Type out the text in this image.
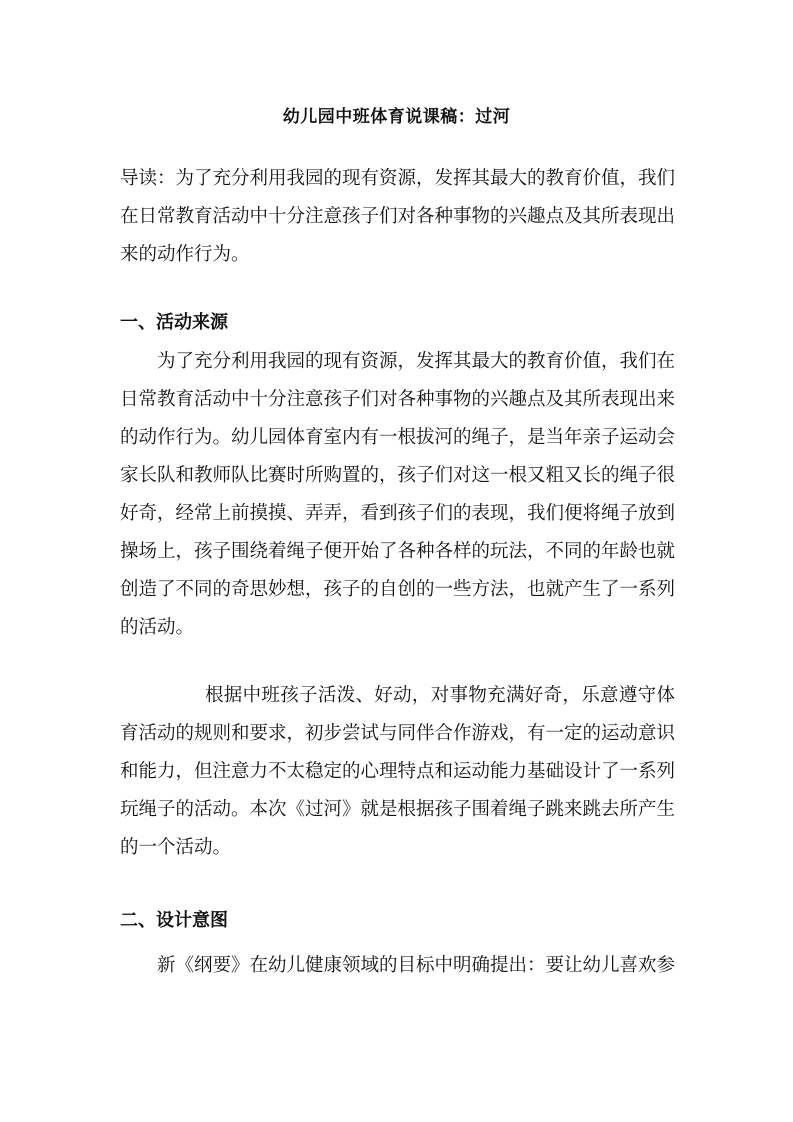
幼儿园中班体育说课稿：过河

导读：为了充分利用我园的现有资源，发挥其最大的教育价值，我们在日常教育活动中十分注意孩子们对各种事物的兴趣点及其所表现出来的动作行为。

一、活动来源

为了充分利用我园的现有资源，发挥其最大的教育价值，我们在日常教育活动中十分注意孩子们对各种事物的兴趣点及其所表现出来的动作行为。幼儿园体育室内有一根拔河的绳子，是当年亲子运动会家长队和教师队比赛时所购置的，孩子们对这一根又粗又长的绳子很好奇，经常上前摸摸、弄弄，看到孩子们的表现，我们便将绳子放到操场上，孩子围绕着绳子便开始了各种各样的玩法，不同的年龄也就创造了不同的奇思妙想，孩子的自创的一些方法，也就产生了一系列的活动。

根据中班孩子活泼、好动，对事物充满好奇，乐意遵守体育活动的规则和要求，初步尝试与同伴合作游戏，有一定的运动意识和能力，但注意力不太稳定的心理特点和运动能力基础设计了一系列玩绳子的活动。本次《过河》就是根据孩子围着绳子跳来跳去所产生的一个活动。

二、设计意图

新《纲要》在幼儿健康领域的目标中明确提出：要让幼儿喜欢参
